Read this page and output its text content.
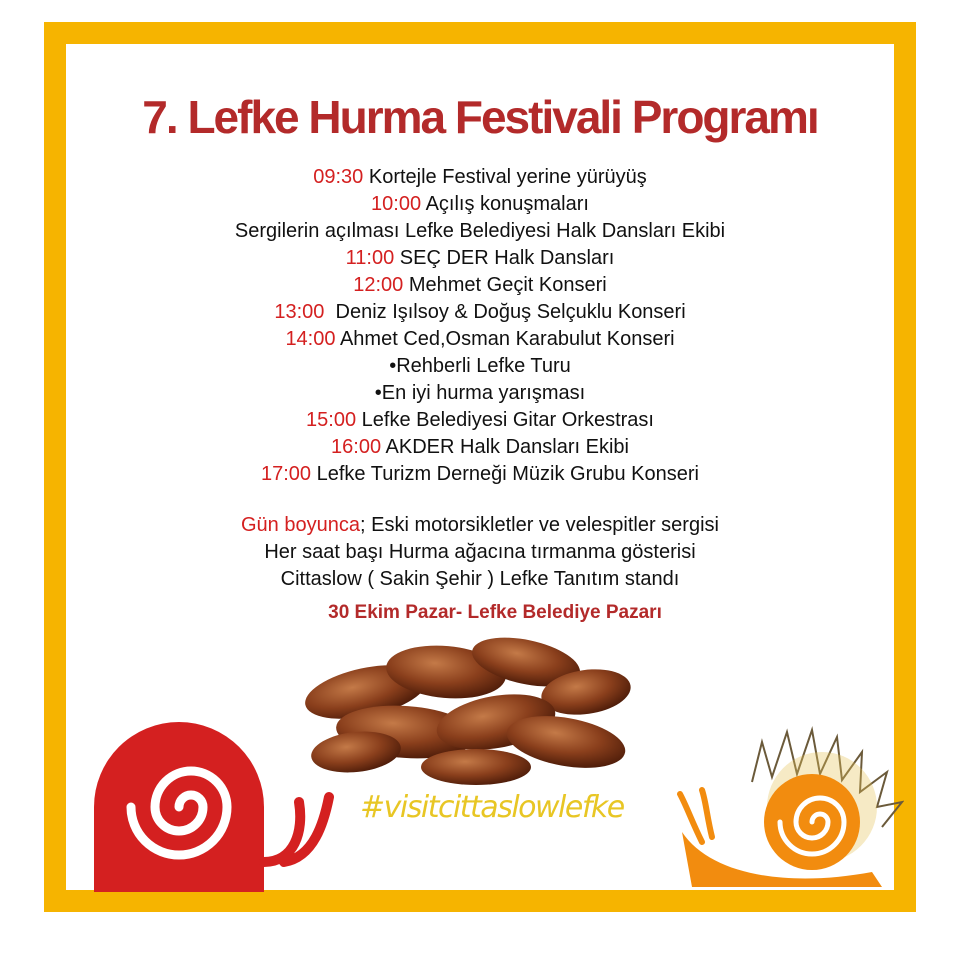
7. Lefke Hurma Festivali Programı
09:30 Kortejle Festival yerine yürüyüş
10:00 Açılış konuşmaları
Sergilerin açılması Lefke Belediyesi Halk Dansları Ekibi
11:00 SEÇ DER Halk Dansları
12:00 Mehmet Geçit Konseri
13:00  Deniz Işılsoy & Doğuş Selçuklu Konseri
14:00 Ahmet Ced,Osman Karabulut Konseri
•Rehberli Lefke Turu
•En iyi hurma yarışması
15:00 Lefke Belediyesi Gitar Orkestrası
16:00 AKDER Halk Dansları Ekibi
17:00 Lefke Turizm Derneği Müzik Grubu Konseri
Gün boyunca; Eski motorsikletler ve velespitler sergisi
Her saat başı Hurma ağacına tırmanma gösterisi
Cittaslow ( Sakin Şehir ) Lefke Tanıtım standı
30 Ekim Pazar- Lefke Belediye Pazarı
#visitcittaslowlefke
